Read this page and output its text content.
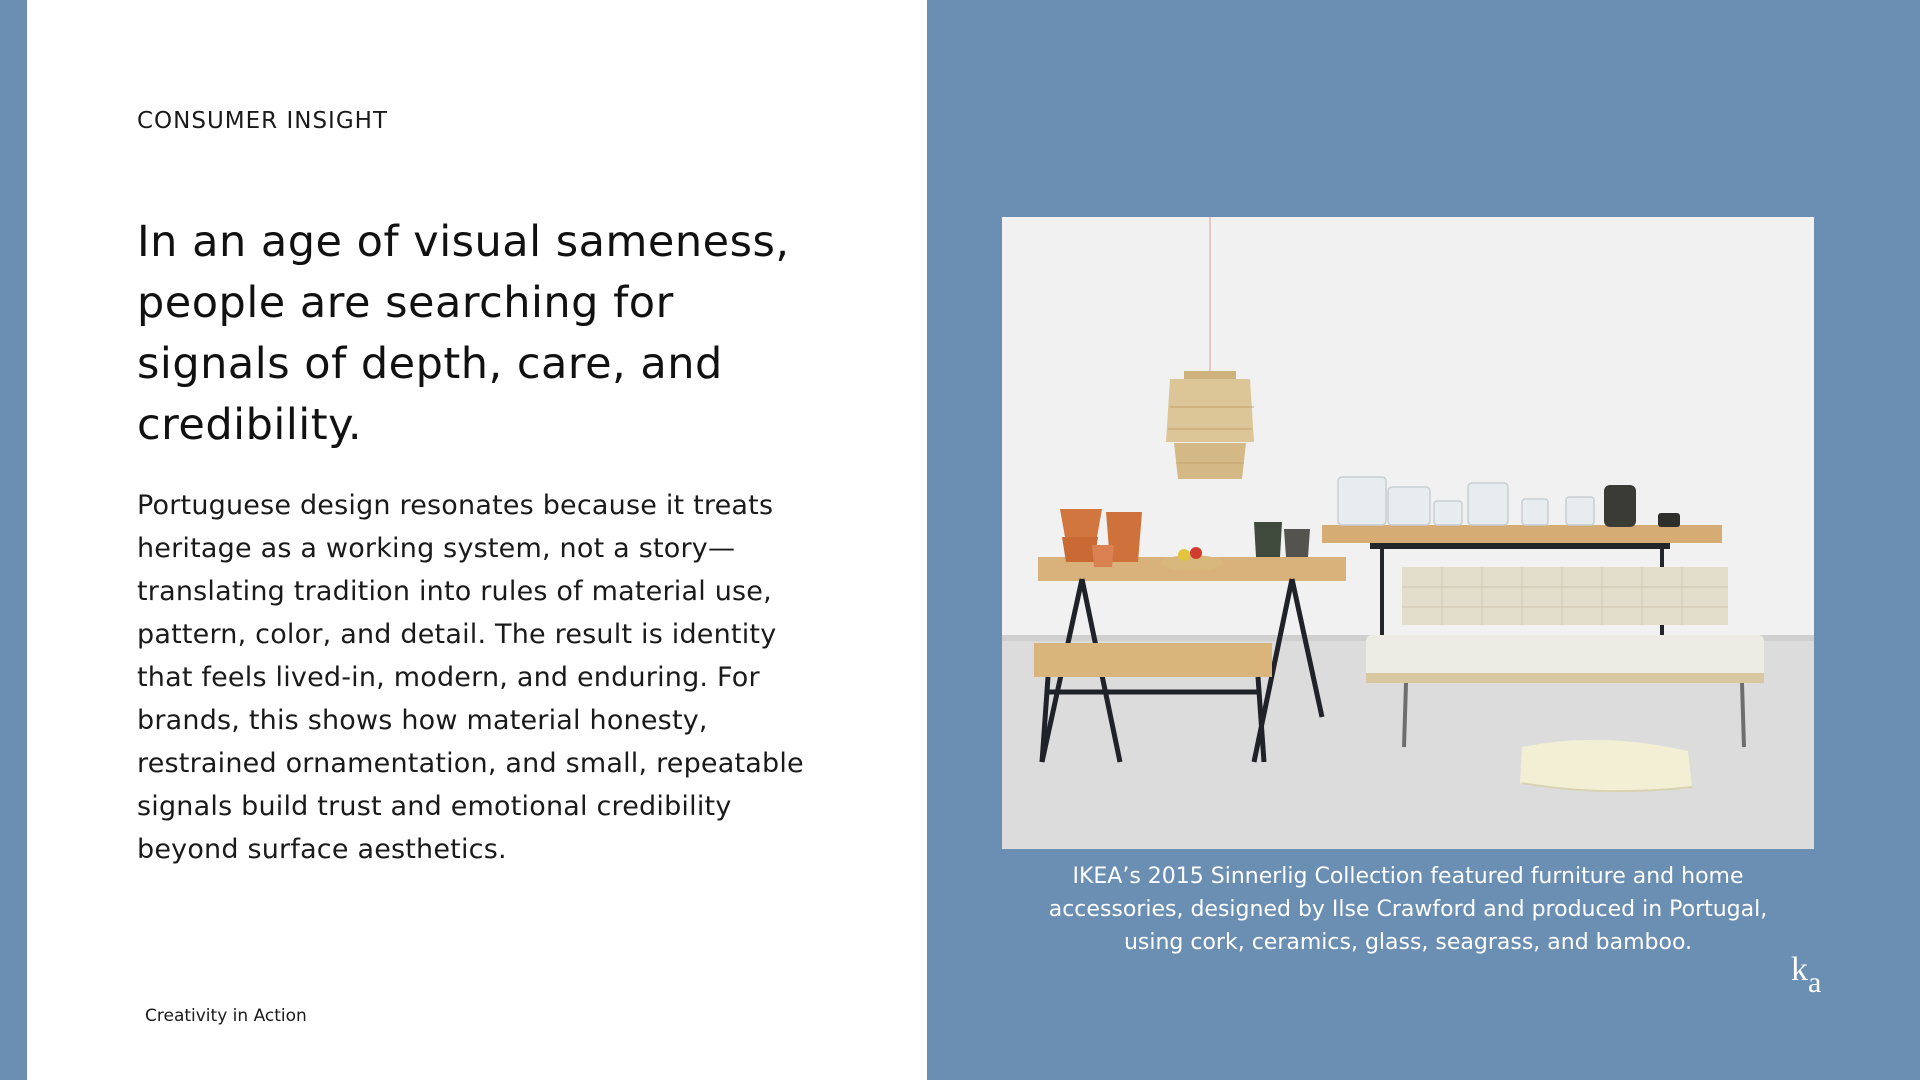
CONSUMER INSIGHT
In an age of visual sameness, people are searching for signals of depth, care, and credibility.

Portuguese design resonates because it treats heritage as a working system, not a story—translating tradition into rules of material use, pattern, color, and detail. The result is identity that feels lived-in, modern, and enduring. For brands, this shows how material honesty, restrained ornamentation, and small, repeatable signals build trust and emotional credibility beyond surface aesthetics.

Creativity in Action
IKEA’s 2015 Sinnerlig Collection featured furniture and home accessories, designed by Ilse Crawford and produced in Portugal, using cork, ceramics, glass, seagrass, and bamboo.
k a
